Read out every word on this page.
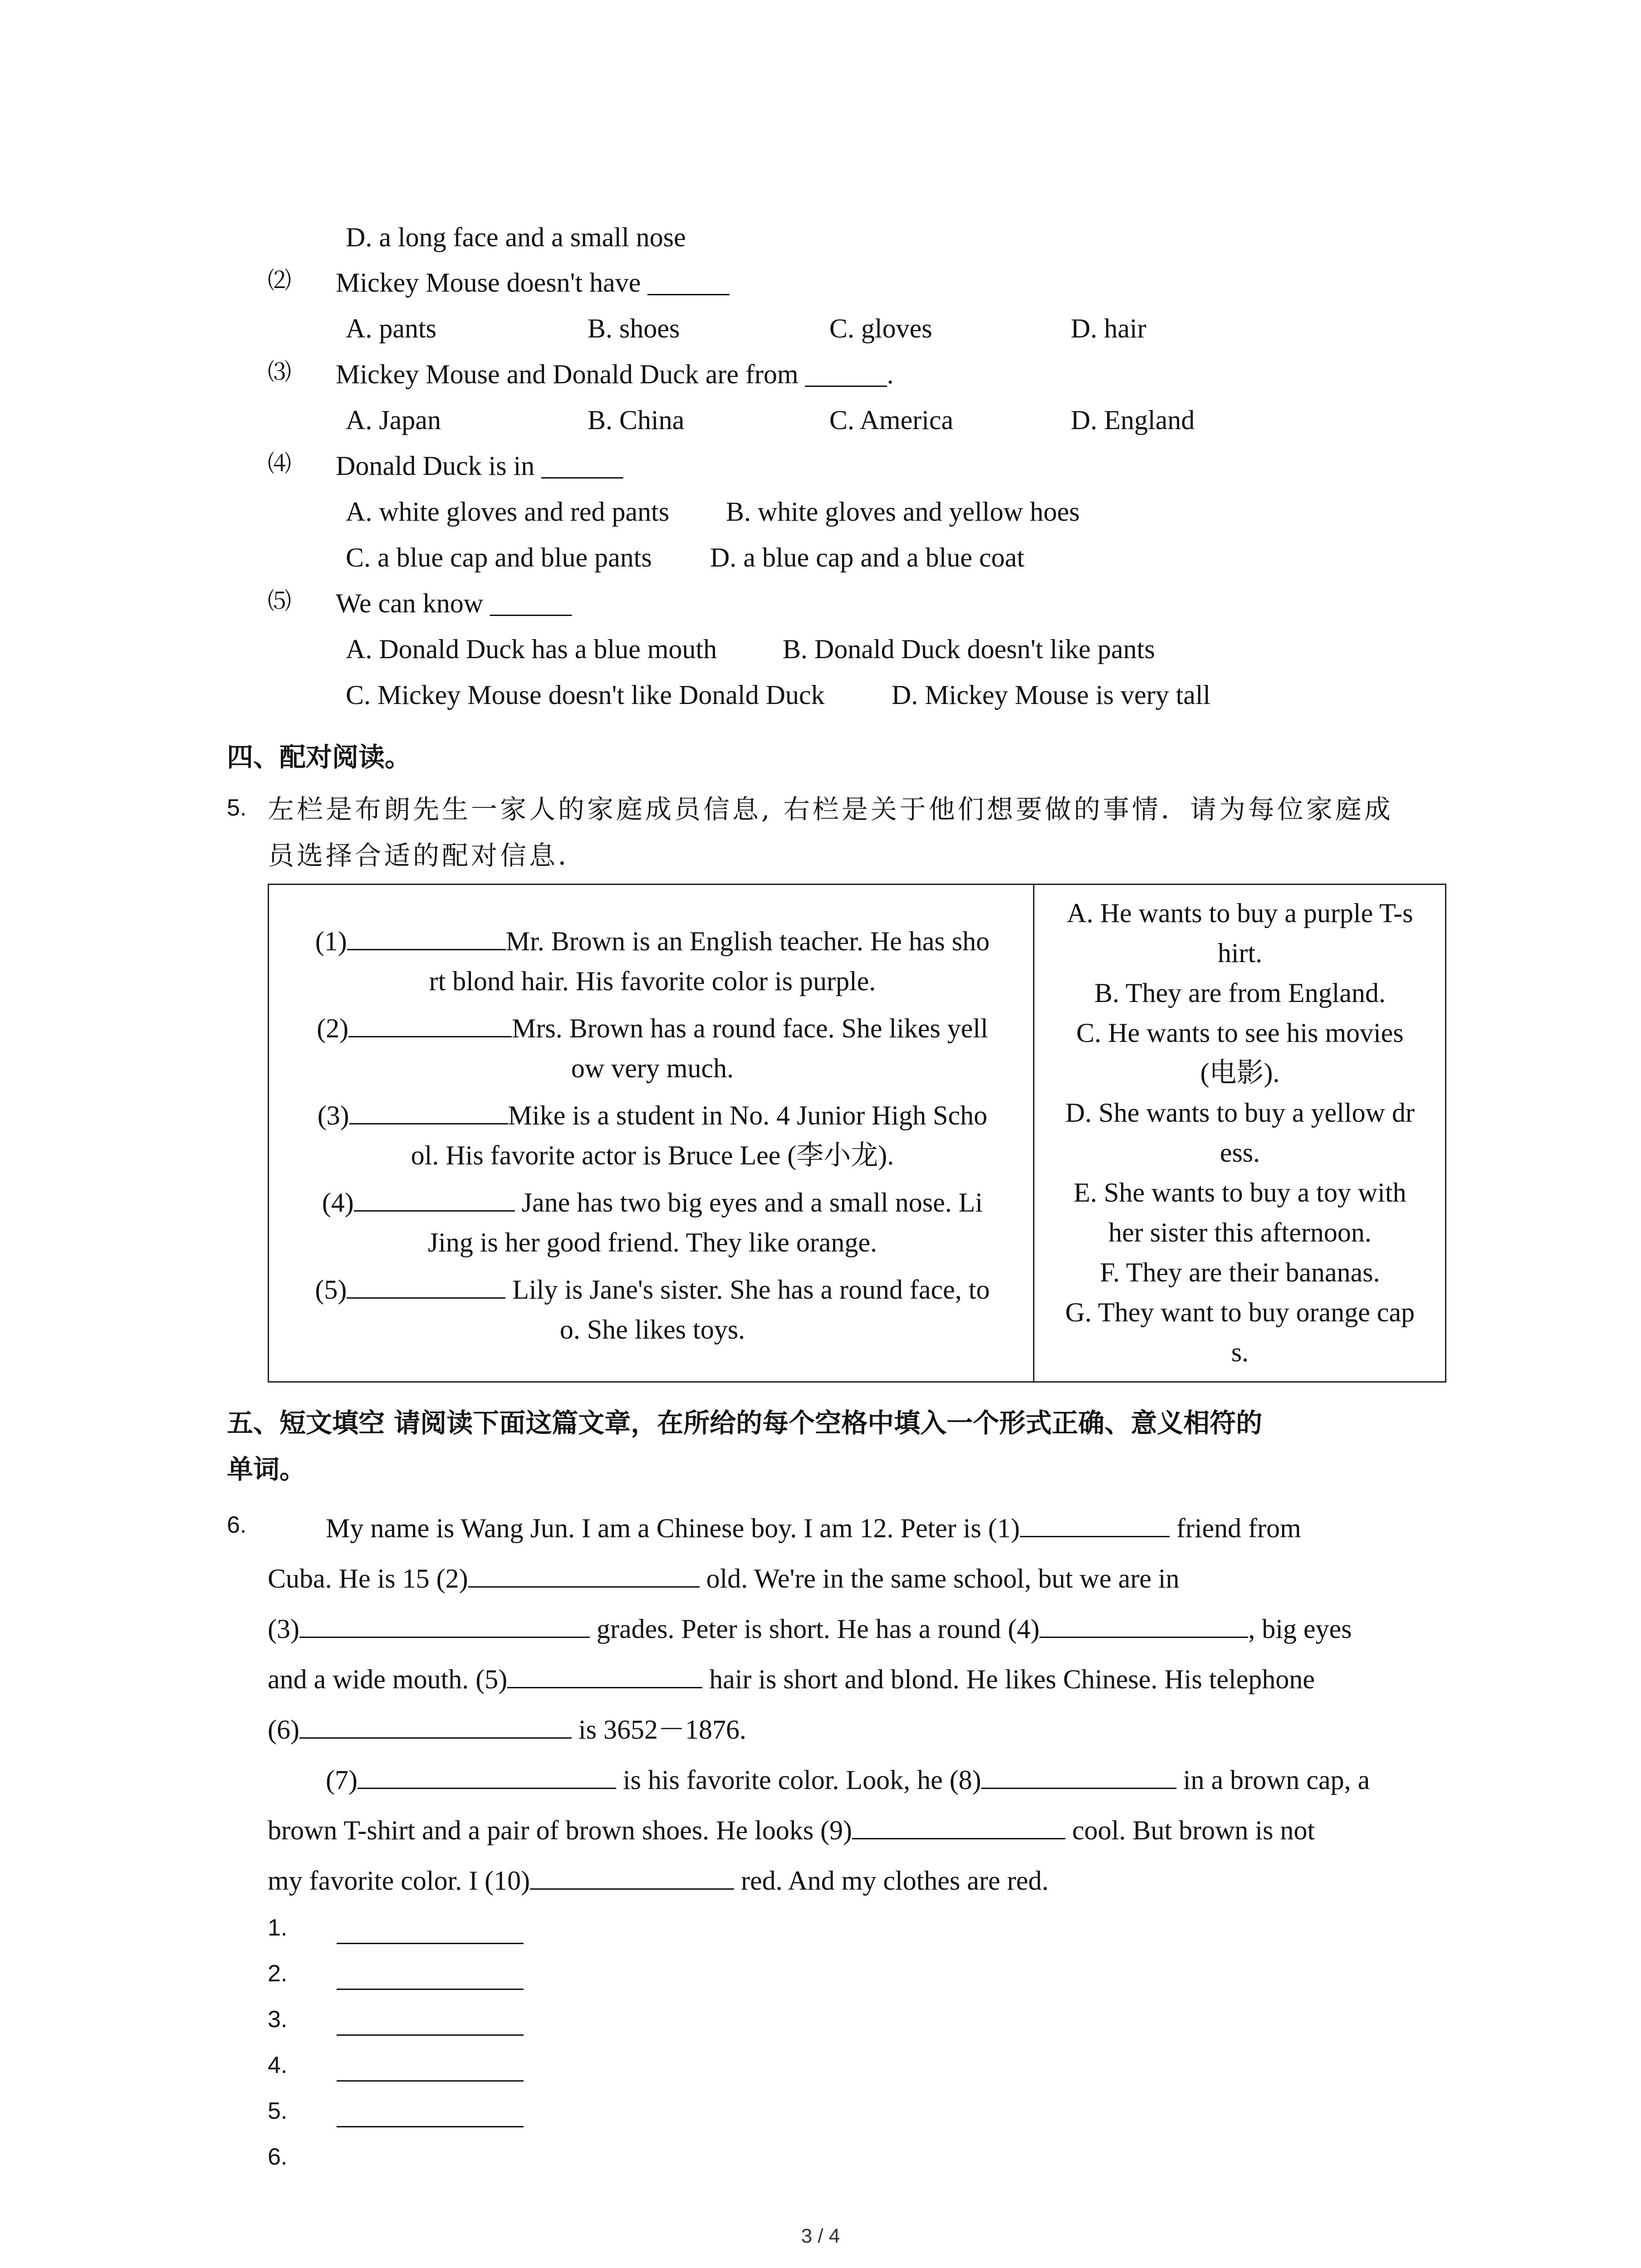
D. a long face and a small nose
⑵ Mickey Mouse doesn't have ______
A. pants	B. shoes	C. gloves	D. hair
⑶ Mickey Mouse and Donald Duck are from ______.
A. Japan	B. China	C. America	D. England
⑷ Donald Duck is in ______
A. white gloves and red pants B. white gloves and yellow hoes
C. a blue cap and blue pants D. a blue cap and a blue coat
⑸ We can know ______
A. Donald Duck has a blue mouth B. Donald Duck doesn't like pants
C. Mickey Mouse doesn't like Donald Duck D. Mickey Mouse is very tall
四、配对阅读。
5. 左栏是布朗先生一家人的家庭成员信息, 右栏是关于他们想要做的事情．请为每位家庭成
员选择合适的配对信息．
(1)	Mr. Brown is an English teacher. He has sho
rt blond hair. His favorite color is purple.
(2)	Mrs. Brown has a round face. She likes yell
ow very much.
(3)	Mike is a student in No. 4 Junior High Scho
ol. His favorite actor is Bruce Lee (李小龙).
(4)	Jane has two big eyes and a small nose. Li
Jing is her good friend. They like orange.
(5)	Lily is Jane's sister. She has a round face, to
o. She likes toys.
A. He wants to buy a purple T-s
hirt.
B. They are from England.
C. He wants to see his movies
(电影).
D. She wants to buy a yellow dr
ess.
E. She wants to buy a toy with
her sister this afternoon.
F. They are their bananas.
G. They want to buy orange cap
s.
五、短文填空 请阅读下面这篇文章，在所给的每个空格中填入一个形式正确、意义相符的
单词。
6.	My name is Wang Jun. I am a Chinese boy. I am 12. Peter is (1)	friend from
Cuba. He is 15 (2)	old. We're in the same school, but we are in
(3)	grades. Peter is short. He has a round (4)	, big eyes
and a wide mouth. (5)	hair is short and blond. He likes Chinese. His telephone
(6)	is 3652－1876.
(7)	is his favorite color. Look, he (8)	in a brown cap, a
brown T-shirt and a pair of brown shoes. He looks (9)	cool. But brown is not
my favorite color. I (10)	red. And my clothes are red.
1.
2.
3.
4.
5.
6.
3 / 4
